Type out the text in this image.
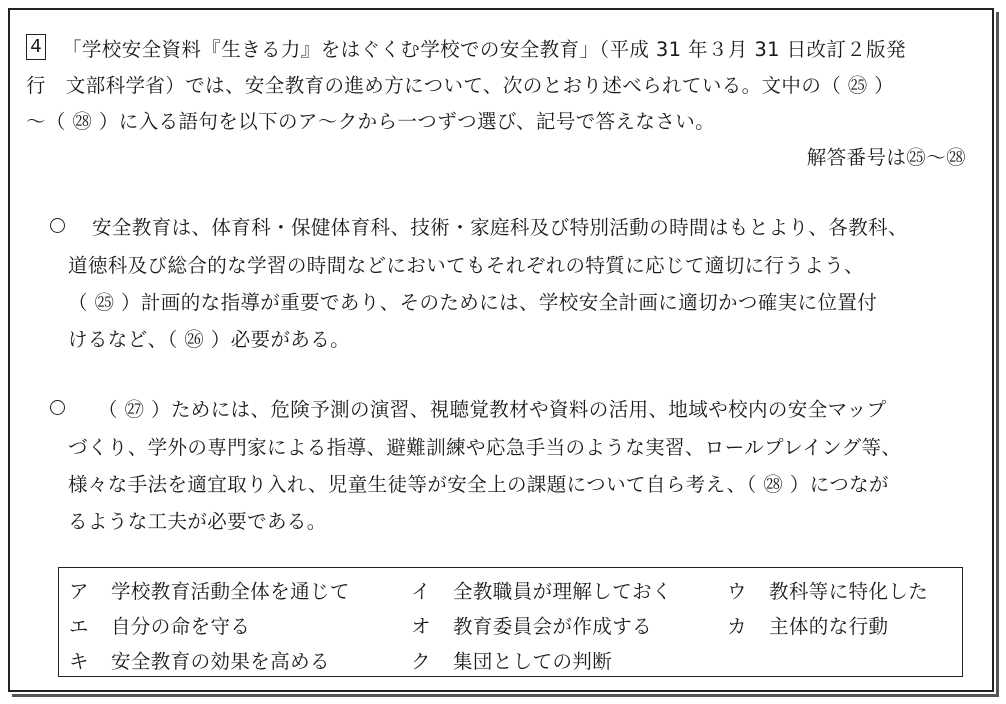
4 「学校安全資料『生きる力』をはぐくむ学校での安全教育」（平成 31 年３月 31 日改訂２版発
行　文部科学省）では、安全教育の進め方について、次のとおり述べられている。文中の（ ㉕ ）
～（ ㉘ ）に入る語句を以下のア～クから一つずつ選び、記号で答えなさい。
解答番号は㉕～㉘
安全教育は、体育科・保健体育科、技術・家庭科及び特別活動の時間はもとより、各教科、
道徳科及び総合的な学習の時間などにおいてもそれぞれの特質に応じて適切に行うよう、
（ ㉕ ）計画的な指導が重要であり、そのためには、学校安全計画に適切かつ確実に位置付
けるなど、（ ㉖ ）必要がある。
（ ㉗ ）ためには、危険予測の演習、視聴覚教材や資料の活用、地域や校内の安全マップ
づくり、学外の専門家による指導、避難訓練や応急手当のような実習、ロールプレイング等、
様々な手法を適宜取り入れ、児童生徒等が安全上の課題について自ら考え、（ ㉘ ）につなが
るような工夫が必要である。
ア 学校教育活動全体を通じて	イ 全教職員が理解しておく	ウ 教科等に特化した
エ 自分の命を守る	オ 教育委員会が作成する	カ 主体的な行動
キ 安全教育の効果を高める	ク 集団としての判断
